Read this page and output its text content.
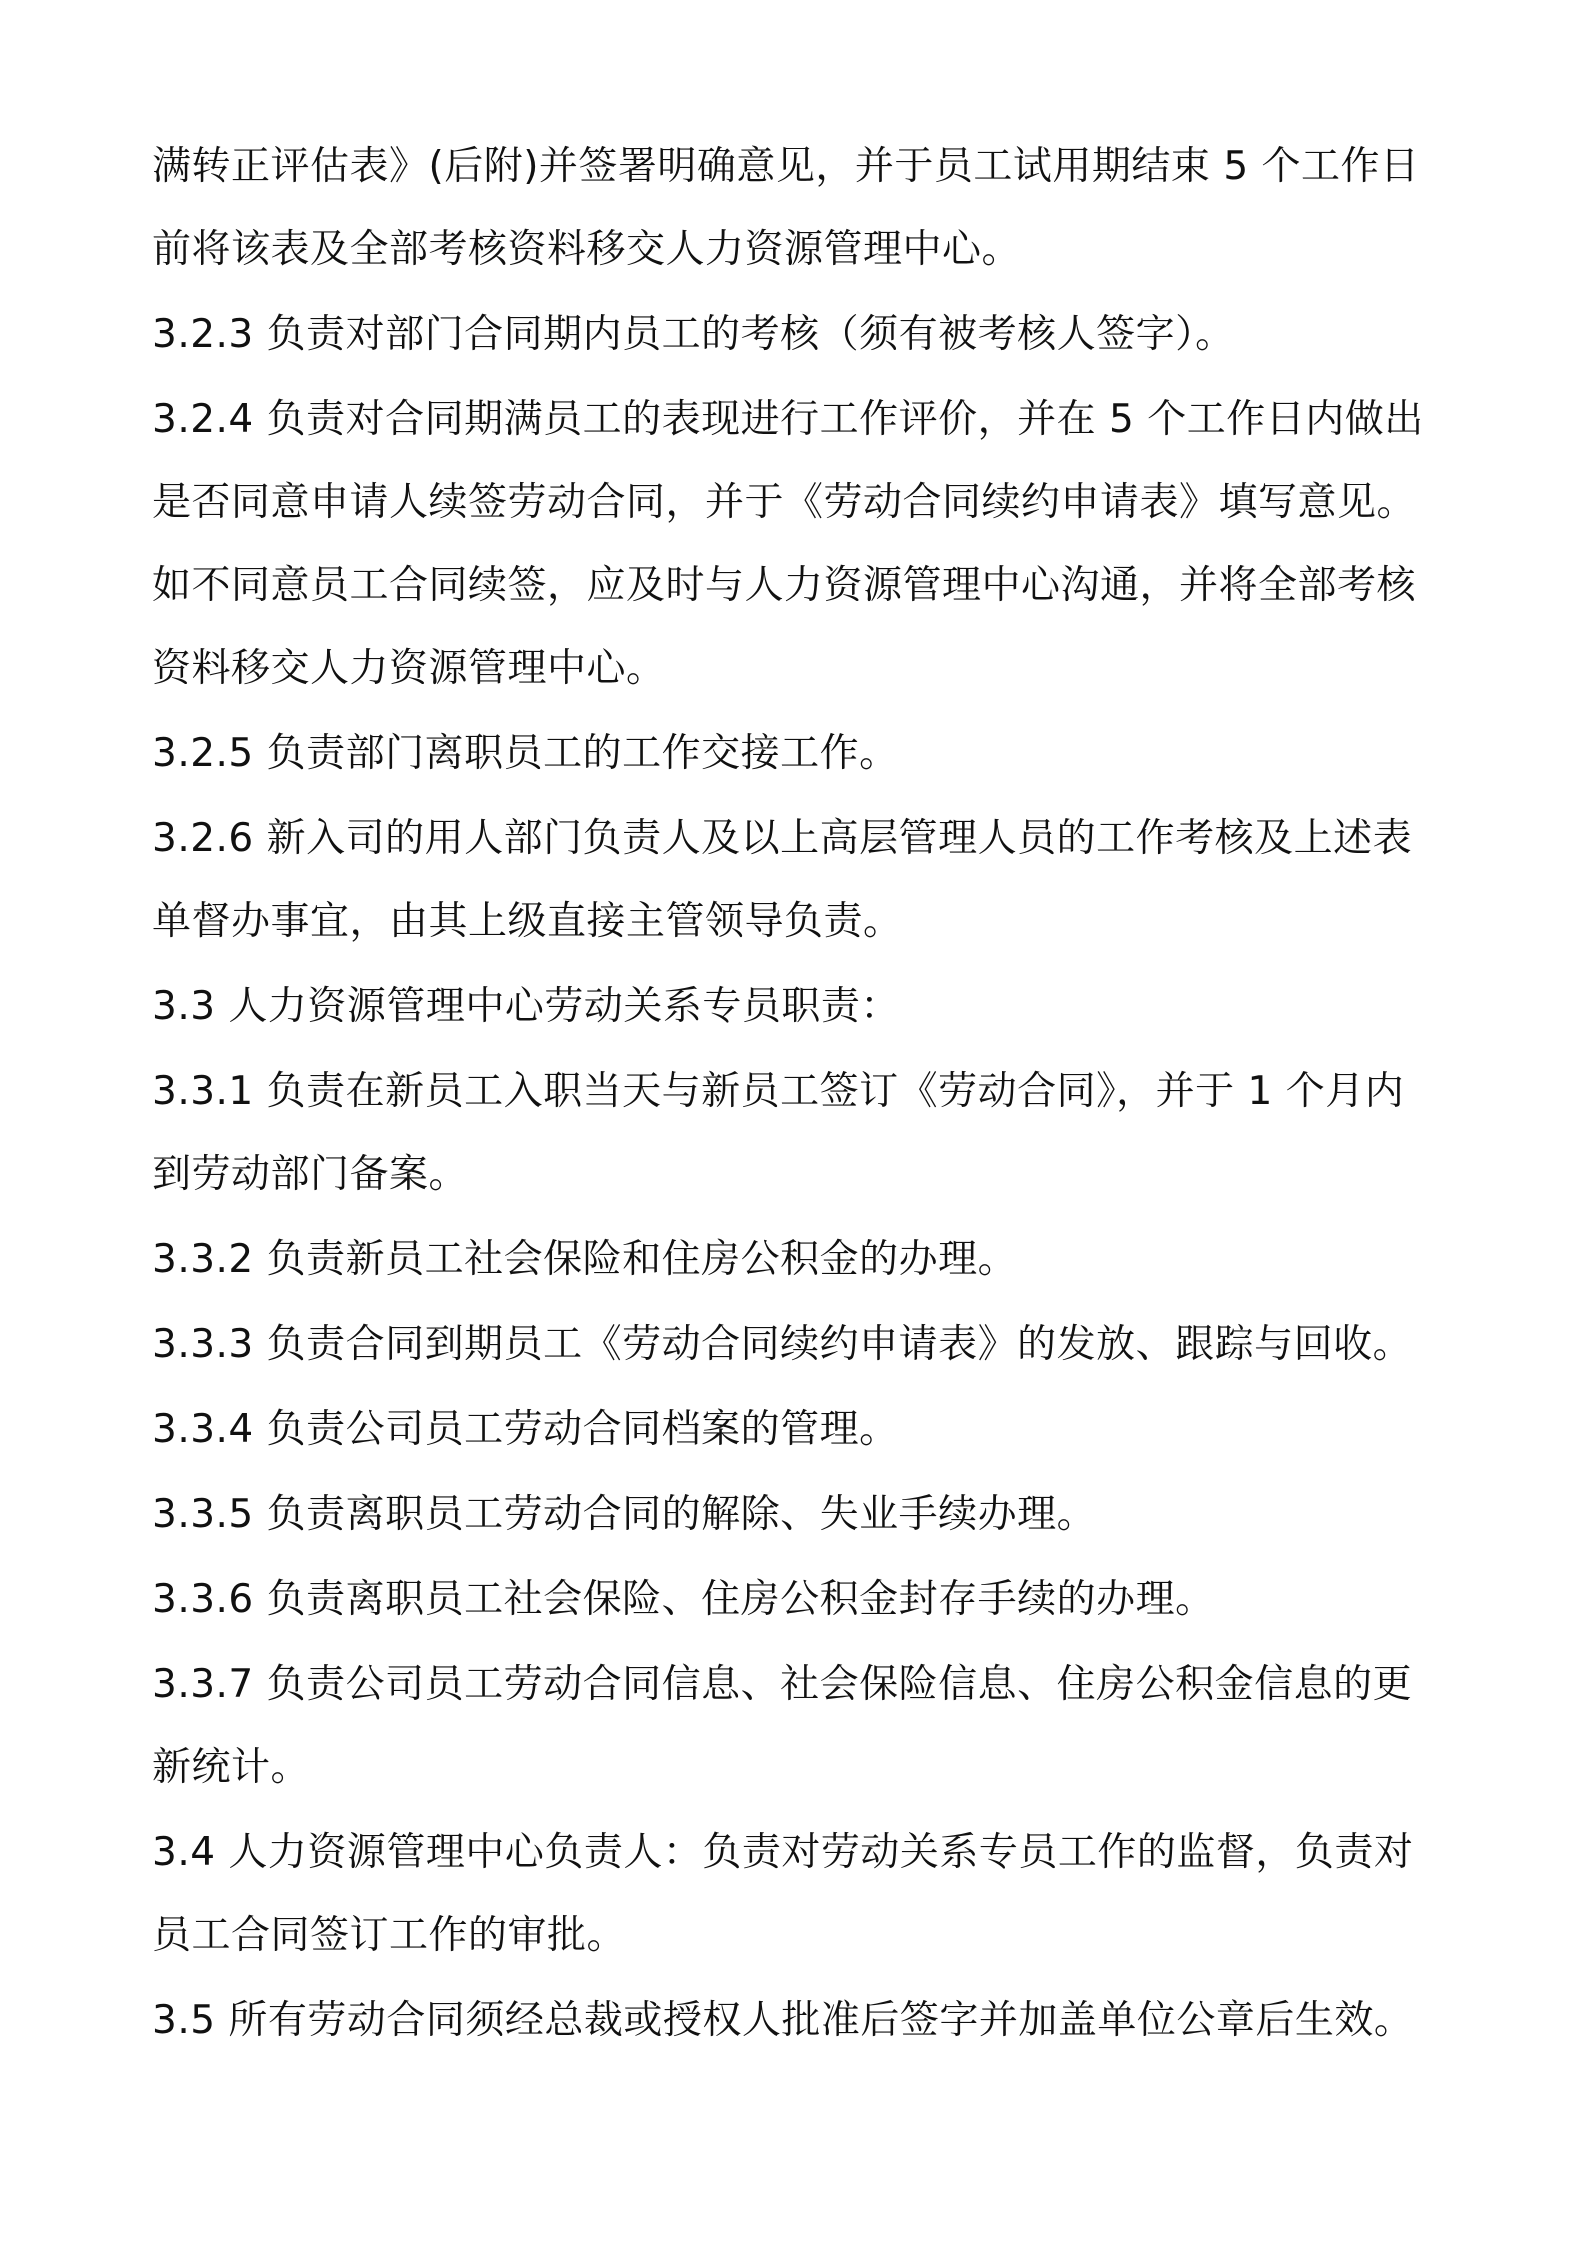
满转正评估表》(后附)并签署明确意见，并于员工试用期结束 5 个工作日前将该表及全部考核资料移交人力资源管理中心。

3.2.3 负责对部门合同期内员工的考核（须有被考核人签字）。

3.2.4 负责对合同期满员工的表现进行工作评价，并在 5 个工作日内做出是否同意申请人续签劳动合同，并于《劳动合同续约申请表》填写意见。如不同意员工合同续签，应及时与人力资源管理中心沟通，并将全部考核资料移交人力资源管理中心。

3.2.5 负责部门离职员工的工作交接工作。

3.2.6 新入司的用人部门负责人及以上高层管理人员的工作考核及上述表单督办事宜，由其上级直接主管领导负责。

3.3 人力资源管理中心劳动关系专员职责：

3.3.1 负责在新员工入职当天与新员工签订《劳动合同》，并于 1 个月内到劳动部门备案。

3.3.2 负责新员工社会保险和住房公积金的办理。

3.3.3 负责合同到期员工《劳动合同续约申请表》的发放、跟踪与回收。

3.3.4 负责公司员工劳动合同档案的管理。

3.3.5 负责离职员工劳动合同的解除、失业手续办理。

3.3.6 负责离职员工社会保险、住房公积金封存手续的办理。

3.3.7 负责公司员工劳动合同信息、社会保险信息、住房公积金信息的更新统计。

3.4 人力资源管理中心负责人：负责对劳动关系专员工作的监督，负责对员工合同签订工作的审批。

3.5 所有劳动合同须经总裁或授权人批准后签字并加盖单位公章后生效。
